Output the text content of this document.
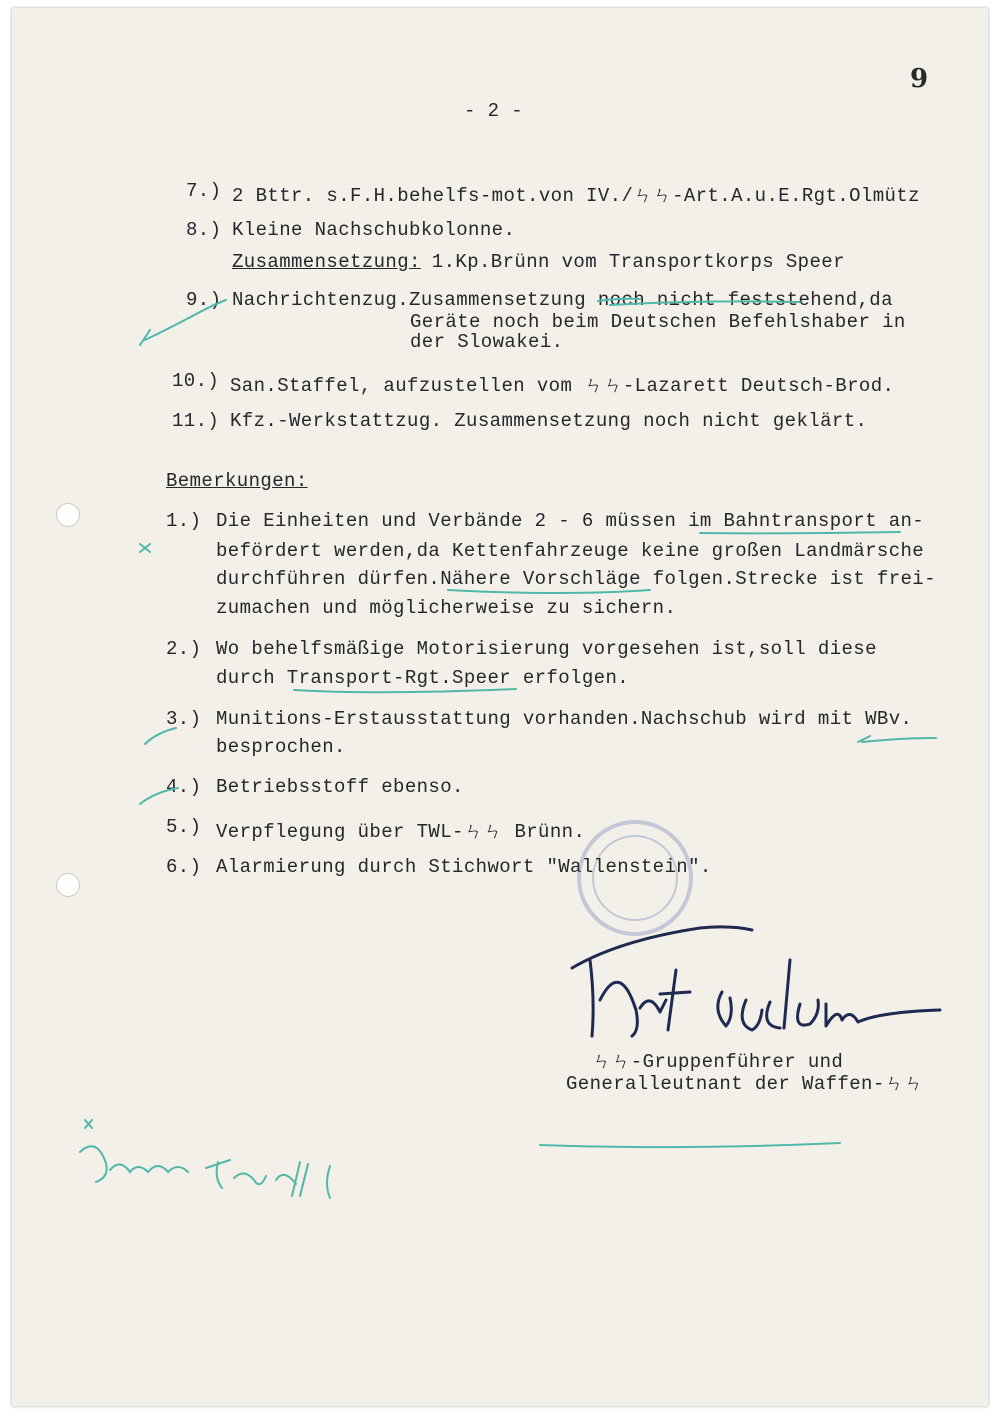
9
- 2 -
7.) 2 Bttr. s.F.H.behelfs-mot.von IV./ㄣㄣ-Art.A.u.E.Rgt.Olmütz
8.) Kleine Nachschubkolonne.
Zusammensetzung: 1.Kp.Brünn vom Transportkorps Speer
9.) Nachrichtenzug.Zusammensetzung noch nicht feststehend,da
Geräte noch beim Deutschen Befehlshaber in
der Slowakei.
10.) San.Staffel, aufzustellen vom ㄣㄣ-Lazarett Deutsch-Brod.
11.) Kfz.-Werkstattzug. Zusammensetzung noch nicht geklärt.
Bemerkungen:
1.) Die Einheiten und Verbände 2 - 6 müssen im Bahntransport an-
befördert werden,da Kettenfahrzeuge keine großen Landmärsche
durchführen dürfen.Nähere Vorschläge folgen.Strecke ist frei-
zumachen und möglicherweise zu sichern.
2.) Wo behelfsmäßige Motorisierung vorgesehen ist,soll diese
durch Transport-Rgt.Speer erfolgen.
3.) Munitions-Erstausstattung vorhanden.Nachschub wird mit WBv.
besprochen.
4.) Betriebsstoff ebenso.
5.) Verpflegung über TWL-ㄣㄣ Brünn.
6.) Alarmierung durch Stichwort "Wallenstein".
ㄣㄣ-Gruppenführer und
Generalleutnant der Waffen-ㄣㄣ
